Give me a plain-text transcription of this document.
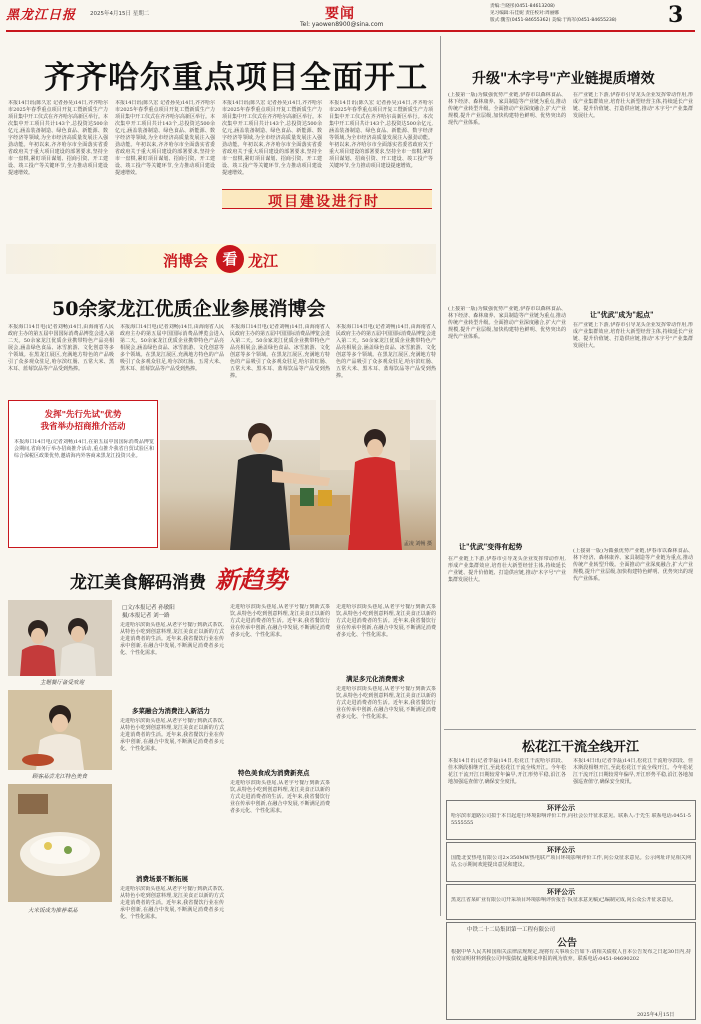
黑龙江日报	2025年4月15日 星期二	要闻
Tel: yaowen8900@sina.com
责编:兰晓彤(0451-84613208)
见习编辑:石佳妮 责任校对:周丽娜
版式:魏雪(0451-84655362) 美编:于海军(0451-84655238)	3
齐齐哈尔重点项目全面开工
本报14日讯(陈久宏 记者孙昊)14日,齐齐哈尔市2025年春季重点项目开复工暨新质生产力项目集中开工仪式在齐齐哈尔高新区举行。本次集中开工项目共计143个,总投资达500余亿元,涵盖装备制造、绿色食品、新能源、数字经济等领域,为全市经济高质量发展注入强劲动能。年初以来,齐齐哈尔市全面落实省委省政府关于重大项目建设的部署要求,坚持全市一盘棋,紧盯项目谋划、招商引资、开工建设、竣工投产等关键环节,全力推动项目建设提速增效。
本报14日讯(陈久宏 记者孙昊)14日,齐齐哈尔市2025年春季重点项目开复工暨新质生产力项目集中开工仪式在齐齐哈尔高新区举行。本次集中开工项目共计143个,总投资达500余亿元,涵盖装备制造、绿色食品、新能源、数字经济等领域,为全市经济高质量发展注入强劲动能。年初以来,齐齐哈尔市全面落实省委省政府关于重大项目建设的部署要求,坚持全市一盘棋,紧盯项目谋划、招商引资、开工建设、竣工投产等关键环节,全力推动项目建设提速增效。
本报14日讯(陈久宏 记者孙昊)14日,齐齐哈尔市2025年春季重点项目开复工暨新质生产力项目集中开工仪式在齐齐哈尔高新区举行。本次集中开工项目共计143个,总投资达500余亿元,涵盖装备制造、绿色食品、新能源、数字经济等领域,为全市经济高质量发展注入强劲动能。年初以来,齐齐哈尔市全面落实省委省政府关于重大项目建设的部署要求,坚持全市一盘棋,紧盯项目谋划、招商引资、开工建设、竣工投产等关键环节,全力推动项目建设提速增效。
本报14日讯(陈久宏 记者孙昊)14日,齐齐哈尔市2025年春季重点项目开复工暨新质生产力项目集中开工仪式在齐齐哈尔高新区举行。本次集中开工项目共计143个,总投资达500余亿元,涵盖装备制造、绿色食品、新能源、数字经济等领域,为全市经济高质量发展注入强劲动能。年初以来,齐齐哈尔市全面落实省委省政府关于重大项目建设的部署要求,坚持全市一盘棋,紧盯项目谋划、招商引资、开工建设、竣工投产等关键环节,全力推动项目建设提速增效。
项目建设进行时
升级"木字号"产业链提质增效
(上接第一版)为做强优势产业链,伊春市以森林食品、林下经济、森林康养、家具制造等产业链为重点,推动传统产业转型升级。全面推动产业深度融合,扩大产业规模,提升产业层级,加快构建特色鲜明、优势突出的现代产业体系。
在产业链上下游,伊春市引导龙头企业发挥带动作用,形成产业集群效应,培育壮大新型经营主体,持续延长产业链、提升价值链、打造供应链,推动"木字号"产业集群发展壮大。
(上接第一版)为做强优势产业链,伊春市以森林食品、林下经济、森林康养、家具制造等产业链为重点,推动传统产业转型升级。全面推动产业深度融合,扩大产业规模,提升产业层级,加快构建特色鲜明、优势突出的现代产业体系。
让"优武"成为"起点"
在产业链上下游,伊春市引导龙头企业发挥带动作用,形成产业集群效应,培育壮大新型经营主体,持续延长产业链、提升价值链、打造供应链,推动"木字号"产业集群发展壮大。
让"优武"变得有起势
在产业链上下游,伊春市引导龙头企业发挥带动作用,形成产业集群效应,培育壮大新型经营主体,持续延长产业链、提升价值链、打造供应链,推动"木字号"产业集群发展壮大。
(上接第一版)为做强优势产业链,伊春市以森林食品、林下经济、森林康养、家具制造等产业链为重点,推动传统产业转型升级。全面推动产业深度融合,扩大产业规模,提升产业层级,加快构建特色鲜明、优势突出的现代产业体系。
松花江干流全线开江
本报14日讯(记者李磊)14日,松花江干流哈尔滨段、佳木斯段相继开江,至此松花江干流全线开江。今年松花江干流开江日期较常年偏早,开江形势平稳,沿江各地加强巡查值守,确保安全度汛。
本报14日讯(记者李磊)14日,松花江干流哈尔滨段、佳木斯段相继开江,至此松花江干流全线开江。今年松花江干流开江日期较常年偏早,开江形势平稳,沿江各地加强巡查值守,确保安全度汛。
环评公示
哈尔滨市道路公司拟于本日起进行环境影响评价工作,向社会公开征求意见。联系人:于先生 联系电话:0451-55555555
环评公示
国能北安热电有限公司2×350MW热电联产项目环境影响评价工作,向公众征求意见。公示网址详见相关网站,公示期间欢迎提出意见和建议。
环评公示
黑龙江省某矿业有限公司开采项目环境影响评价报告书(征求意见稿)已编制完成,向公众公开征求意见。
中铁二十二局集团第一工程有限公司
公告
根据中华人民共和国相关法律法规规定,现将有关事项公告如下:请相关债权人自本公告发布之日起30日内,持有效证明材料到我公司申报债权,逾期未申报的视为放弃。联系电话:0451-84690202
2025年4月15日
消博会 看 龙江
50余家龙江优质企业参展消博会
本报海口14日电(记者刘畅)14日,由海南省人民政府主办的第五届中国国际消费品博览会进入第二天。50余家龙江优质企业携带特色产品亮相展会,涵盖绿色食品、冰雪旅游、文化创意等多个领域。在黑龙江展区,充满地方特色的产品吸引了众多观众驻足,哈尔滨红肠、五常大米、黑木耳、蓝莓饮品等产品受到热捧。
本报海口14日电(记者刘畅)14日,由海南省人民政府主办的第五届中国国际消费品博览会进入第二天。50余家龙江优质企业携带特色产品亮相展会,涵盖绿色食品、冰雪旅游、文化创意等多个领域。在黑龙江展区,充满地方特色的产品吸引了众多观众驻足,哈尔滨红肠、五常大米、黑木耳、蓝莓饮品等产品受到热捧。
本报海口14日电(记者刘畅)14日,由海南省人民政府主办的第五届中国国际消费品博览会进入第二天。50余家龙江优质企业携带特色产品亮相展会,涵盖绿色食品、冰雪旅游、文化创意等多个领域。在黑龙江展区,充满地方特色的产品吸引了众多观众驻足,哈尔滨红肠、五常大米、黑木耳、蓝莓饮品等产品受到热捧。
本报海口14日电(记者刘畅)14日,由海南省人民政府主办的第五届中国国际消费品博览会进入第二天。50余家龙江优质企业携带特色产品亮相展会,涵盖绿色食品、冰雪旅游、文化创意等多个领域。在黑龙江展区,充满地方特色的产品吸引了众多观众驻足,哈尔滨红肠、五常大米、黑木耳、蓝莓饮品等产品受到热捧。
发挥"先行先试"优势
我省举办招商推介活动
本报海口14日电(记者刘畅)14日,在第五届中国国际消费品博览会期间,省商务厅举办招商推介活动,重点推介我省自贸试验区和综合保税区政策优势,邀请海内外客商来黑龙江投资兴业。
孟凌 刘畅 摄
龙江美食解码消费 新趋势
主题餐厅备受欢迎
顾客品尝龙江特色美食
大米饭成为推荐菜品
□文/本报记者 孙敏阳
摄/本报记者 刘一路
走进哈尔滨街头巷尾,从老字号餐厅到新式茶饮,从特色小吃到创意料理,龙江美食正以新的方式走进消费者的生活。近年来,我省餐饮行业在传承中创新,在融合中发展,不断满足消费者多元化、个性化需求。
多菜融合为消费注入新活力
走进哈尔滨街头巷尾,从老字号餐厅到新式茶饮,从特色小吃到创意料理,龙江美食正以新的方式走进消费者的生活。近年来,我省餐饮行业在传承中创新,在融合中发展,不断满足消费者多元化、个性化需求。
消费场景不断拓展
走进哈尔滨街头巷尾,从老字号餐厅到新式茶饮,从特色小吃到创意料理,龙江美食正以新的方式走进消费者的生活。近年来,我省餐饮行业在传承中创新,在融合中发展,不断满足消费者多元化、个性化需求。
走进哈尔滨街头巷尾,从老字号餐厅到新式茶饮,从特色小吃到创意料理,龙江美食正以新的方式走进消费者的生活。近年来,我省餐饮行业在传承中创新,在融合中发展,不断满足消费者多元化、个性化需求。
特色美食成为消费新亮点
走进哈尔滨街头巷尾,从老字号餐厅到新式茶饮,从特色小吃到创意料理,龙江美食正以新的方式走进消费者的生活。近年来,我省餐饮行业在传承中创新,在融合中发展,不断满足消费者多元化、个性化需求。
走进哈尔滨街头巷尾,从老字号餐厅到新式茶饮,从特色小吃到创意料理,龙江美食正以新的方式走进消费者的生活。近年来,我省餐饮行业在传承中创新,在融合中发展,不断满足消费者多元化、个性化需求。
满足多元化消费需求
走进哈尔滨街头巷尾,从老字号餐厅到新式茶饮,从特色小吃到创意料理,龙江美食正以新的方式走进消费者的生活。近年来,我省餐饮行业在传承中创新,在融合中发展,不断满足消费者多元化、个性化需求。
